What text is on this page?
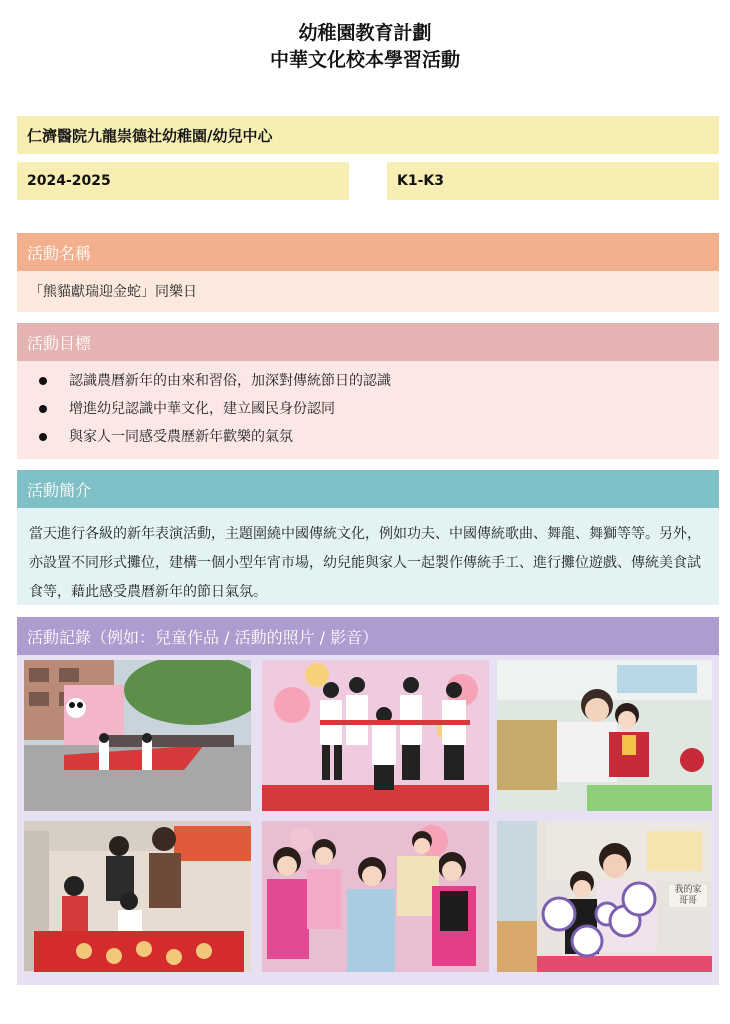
幼稚園教育計劃
中華文化校本學習活動
仁濟醫院九龍崇德社幼稚園/幼兒中心
2024-2025	K1-K3
活動名稱
「熊貓獻瑞迎金蛇」同樂日
活動目標
認識農曆新年的由來和習俗，加深對傳統節日的認識
增進幼兒認識中華文化，建立國民身份認同
與家人一同感受農歷新年歡樂的氣氛
活動簡介
當天進行各級的新年表演活動，主題圍繞中國傳統文化，例如功夫、中國傳統歌曲、舞龍、舞獅等等。另外，亦設置不同形式攤位，建構一個小型年宵市場，幼兒能與家人一起製作傳統手工、進行攤位遊戲、傳統美食試食等，藉此感受農曆新年的節日氣氛。
活動記錄（例如：兒童作品 / 活動的照片 / 影音）
我的家 哥哥
